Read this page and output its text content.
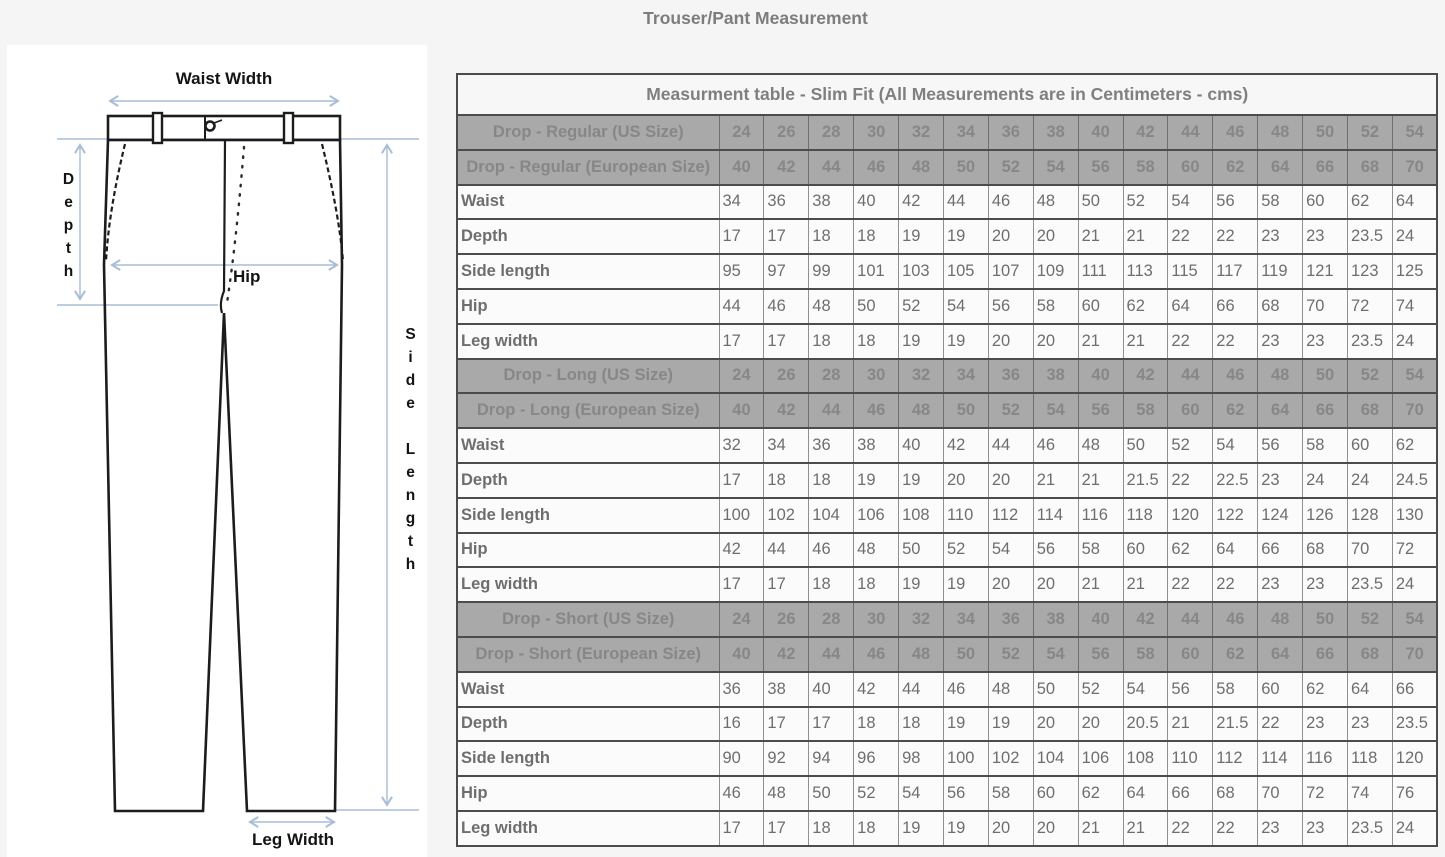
Trouser/Pant Measurement
Waist Width
Depth	Hip
Side Length
Leg Width
Measurment table - Slim Fit (All Measurements are in Centimeters - cms)																
Drop - Regular (US Size)	24	26	28	30	32	34	36	38	40	42	44	46	48	50	52	54
Drop - Regular (European Size)	40	42	44	46	48	50	52	54	56	58	60	62	64	66	68	70
Waist	34	36	38	40	42	44	46	48	50	52	54	56	58	60	62	64
Depth	17	17	18	18	19	19	20	20	21	21	22	22	23	23	23.5	24
Side length	95	97	99	101	103	105	107	109	111	113	115	117	119	121	123	125
Hip	44	46	48	50	52	54	56	58	60	62	64	66	68	70	72	74
Leg width	17	17	18	18	19	19	20	20	21	21	22	22	23	23	23.5	24
Drop - Long (US Size)	24	26	28	30	32	34	36	38	40	42	44	46	48	50	52	54
Drop - Long (European Size)	40	42	44	46	48	50	52	54	56	58	60	62	64	66	68	70
Waist	32	34	36	38	40	42	44	46	48	50	52	54	56	58	60	62
Depth	17	18	18	19	19	20	20	21	21	21.5	22	22.5	23	24	24	24.5
Side length	100	102	104	106	108	110	112	114	116	118	120	122	124	126	128	130
Hip	42	44	46	48	50	52	54	56	58	60	62	64	66	68	70	72
Leg width	17	17	18	18	19	19	20	20	21	21	22	22	23	23	23.5	24
Drop - Short (US Size)	24	26	28	30	32	34	36	38	40	42	44	46	48	50	52	54
Drop - Short (European Size)	40	42	44	46	48	50	52	54	56	58	60	62	64	66	68	70
Waist	36	38	40	42	44	46	48	50	52	54	56	58	60	62	64	66
Depth	16	17	17	18	18	19	19	20	20	20.5	21	21.5	22	23	23	23.5
Side length	90	92	94	96	98	100	102	104	106	108	110	112	114	116	118	120
Hip	46	48	50	52	54	56	58	60	62	64	66	68	70	72	74	76
Leg width	17	17	18	18	19	19	20	20	21	21	22	22	23	23	23.5	24
